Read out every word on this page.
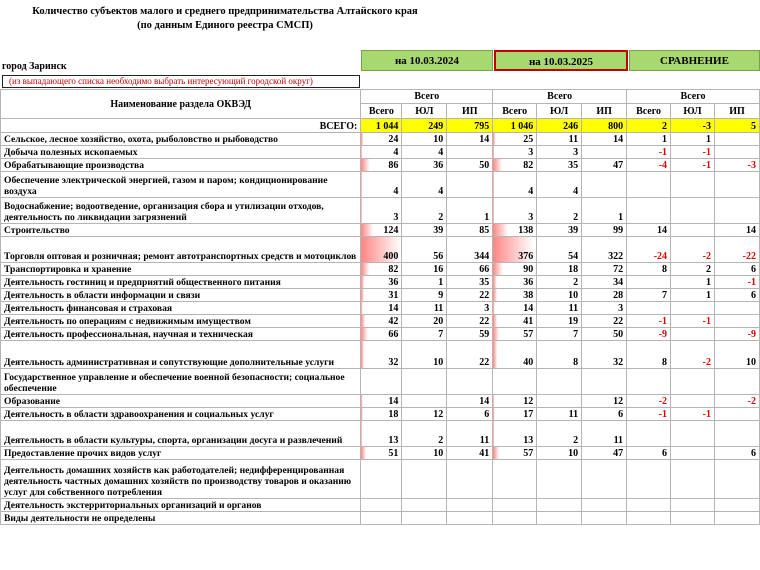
Количество субъектов малого и среднего предпринимательства Алтайского края
(по данным Единого реестра СМСП)
на 10.03.2024	на 10.03.2025	СРАВНЕНИЕ
город Заринск
(из выпадающего списка необходимо выбрать интересующий городской округ)
Наименование раздела ОКВЭД	Всего			Всего			Всего		
	Всего	ЮЛ	ИП	Всего	ЮЛ	ИП	Всего	ЮЛ	ИП
ВСЕГО:	1 044	249	795	1 046	246	800	2	-3	5
Сельское, лесное хозяйство, охота, рыболовство и рыбоводство	24	10	14	25	11	14	1	1	
Добыча полезных ископаемых	4	4		3	3		-1	-1	
Обрабатывающие производства	86	36	50	82	35	47	-4	-1	-3
Обеспечение электрической энергией, газом и паром; кондиционирование воздуха	4	4		4	4				
Водоснабжение; водоотведение, организация сбора и утилизации отходов, деятельность по ликвидации загрязнений	3	2	1	3	2	1			
Строительство	124	39	85	138	39	99	14		14
Торговля оптовая и розничная; ремонт автотранспортных средств и мотоциклов	400	56	344	376	54	322	-24	-2	-22
Транспортировка и хранение	82	16	66	90	18	72	8	2	6
Деятельность гостиниц и предприятий общественного питания	36	1	35	36	2	34		1	-1
Деятельность в области информации и связи	31	9	22	38	10	28	7	1	6
Деятельность финансовая и страховая	14	11	3	14	11	3			
Деятельность по операциям с недвижимым имуществом	42	20	22	41	19	22	-1	-1	
Деятельность профессиональная, научная и техническая	66	7	59	57	7	50	-9		-9
Деятельность административная и сопутствующие дополнительные услуги	32	10	22	40	8	32	8	-2	10
Государственное управление и обеспечение военной безопасности; социальное обеспечение									
Образование	14		14	12		12	-2		-2
Деятельность в области здравоохранения и социальных услуг	18	12	6	17	11	6	-1	-1	
Деятельность в области культуры, спорта, организации досуга и развлечений	13	2	11	13	2	11			
Предоставление прочих видов услуг	51	10	41	57	10	47	6		6
Деятельность домашних хозяйств как работодателей; недифференцированная деятельность частных домашних хозяйств по производству товаров и оказанию услуг для собственного потребления									
Деятельность экстерриториальных организаций и органов									
Виды деятельности не определены									
